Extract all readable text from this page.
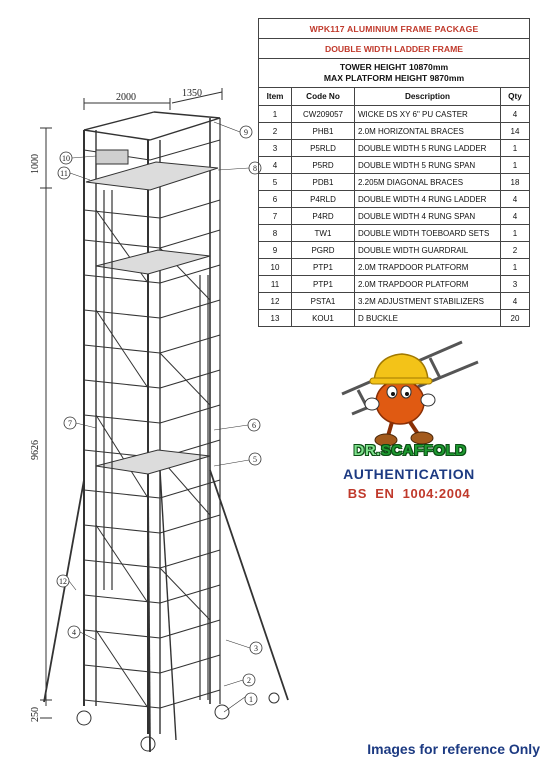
2000	1350
1000
9626
250
1
2
3
4
5
6
7
8
9
10
11
12
WPK117 ALUMINIUM FRAME PACKAGE			
DOUBLE WIDTH LADDER FRAME			

TOWER HEIGHT 10870mm
MAX PLATFORM HEIGHT 9870mm			

Item	Code No	Description	Qty
1	CW209057	WICKE DS XY 6" PU CASTER	4
2	PHB1	2.0M HORIZONTAL BRACES	14
3	P5RLD	DOUBLE WIDTH 5 RUNG LADDER	1
4	P5RD	DOUBLE WIDTH 5 RUNG SPAN	1
5	PDB1	2.205M DIAGONAL BRACES	18
6	P4RLD	DOUBLE WIDTH 4 RUNG LADDER	4
7	P4RD	DOUBLE WIDTH 4 RUNG SPAN	4
8	TW1	DOUBLE WIDTH TOEBOARD SETS	1
9	PGRD	DOUBLE WIDTH GUARDRAIL	2
10	PTP1	2.0M TRAPDOOR PLATFORM	1
11	PTP1	2.0M TRAPDOOR PLATFORM	3
12	PSTA1	3.2M ADJUSTMENT STABILIZERS	4
13	KOU1	D BUCKLE	20
DR.SCAFFOLD
AUTHENTICATION
BS EN 1004:2004
Images for reference Only
